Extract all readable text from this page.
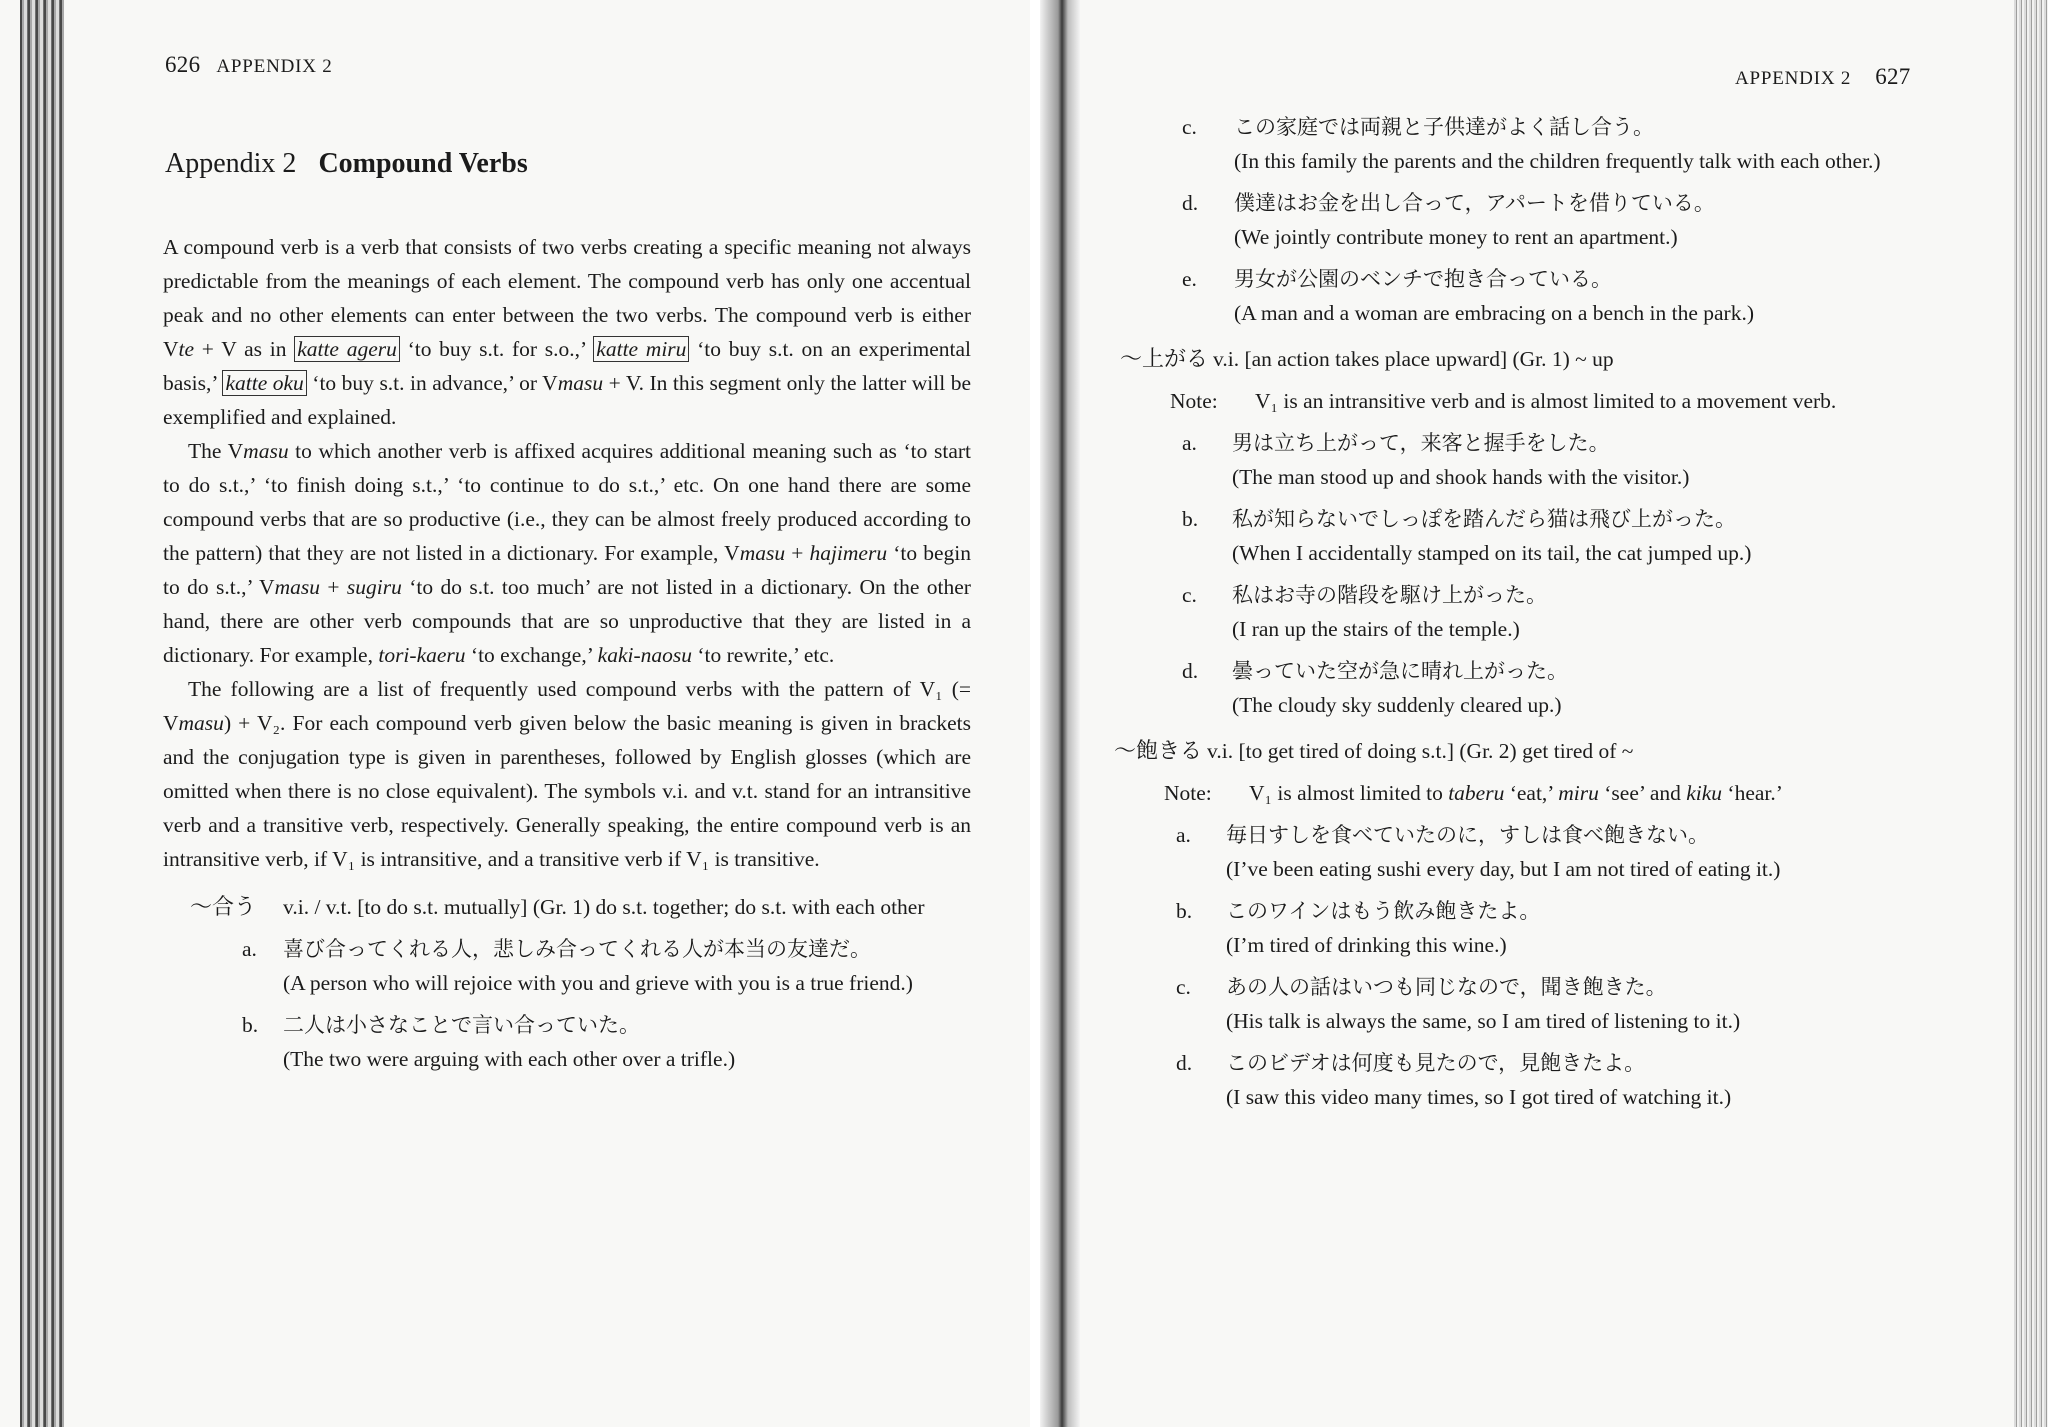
626 APPENDIX 2
Appendix 2 Compound Verbs

A compound verb is a verb that consists of two verbs creating a specific meaning not always predictable from the meanings of each element. The compound verb has only one accentual peak and no other elements can enter between the two verbs. The compound verb is either Vte + V as in katte ageru ‘to buy s.t. for s.o.,’ katte miru ‘to buy s.t. on an experimental basis,’ katte oku ‘to buy s.t. in advance,’ or Vmasu + V. In this segment only the latter will be exemplified and explained.

The Vmasu to which another verb is affixed acquires additional meaning such as ‘to start to do s.t.,’ ‘to finish doing s.t.,’ ‘to continue to do s.t.,’ etc. On one hand there are some compound verbs that are so productive (i.e., they can be almost freely produced according to the pattern) that they are not listed in a dictionary. For example, Vmasu + hajimeru ‘to begin to do s.t.,’ Vmasu + sugiru ‘to do s.t. too much’ are not listed in a dictionary. On the other hand, there are other verb compounds that are so unproductive that they are listed in a dictionary. For example, tori-kaeru ‘to exchange,’ kaki-naosu ‘to rewrite,’ etc.

The following are a list of frequently used compound verbs with the pattern of V₁ (= Vmasu) + V₂. For each compound verb given below the basic meaning is given in brackets and the conjugation type is given in parentheses, followed by English glosses (which are omitted when there is no close equivalent). The symbols v.i. and v.t. stand for an intransitive verb and a transitive verb, respectively. Generally speaking, the entire compound verb is an intransitive verb, if V₁ is intransitive, and a transitive verb if V₁ is transitive.

～合う v.i. / v.t. [to do s.t. mutually] (Gr. 1) do s.t. together; do s.t. with each other
a. 喜び合ってくれる人，悲しみ合ってくれる人が本当の友達だ。
(A person who will rejoice with you and grieve with you is a true friend.)
b. 二人は小さなことで言い合っていた。
(The two were arguing with each other over a trifle.)
APPENDIX 2 627
c. この家庭では両親と子供達がよく話し合う。
(In this family the parents and the children frequently talk with each other.)
d. 僕達はお金を出し合って，アパートを借りている。
(We jointly contribute money to rent an apartment.)
e. 男女が公園のベンチで抱き合っている。
(A man and a woman are embracing on a bench in the park.)
～上がる v.i. [an action takes place upward] (Gr. 1) ~ up
Note: V₁ is an intransitive verb and is almost limited to a movement verb.
a. 男は立ち上がって，来客と握手をした。
(The man stood up and shook hands with the visitor.)
b. 私が知らないでしっぽを踏んだら猫は飛び上がった。
(When I accidentally stamped on its tail, the cat jumped up.)
c. 私はお寺の階段を駆け上がった。
(I ran up the stairs of the temple.)
d. 曇っていた空が急に晴れ上がった。
(The cloudy sky suddenly cleared up.)
～飽きる v.i. [to get tired of doing s.t.] (Gr. 2) get tired of ~
Note: V₁ is almost limited to taberu ‘eat,’ miru ‘see’ and kiku ‘hear.’
a. 毎日すしを食べていたのに，すしは食べ飽きない。
(I’ve been eating sushi every day, but I am not tired of eating it.)
b. このワインはもう飲み飽きたよ。
(I’m tired of drinking this wine.)
c. あの人の話はいつも同じなので，聞き飽きた。
(His talk is always the same, so I am tired of listening to it.)
d. このビデオは何度も見たので，見飽きたよ。
(I saw this video many times, so I got tired of watching it.)
